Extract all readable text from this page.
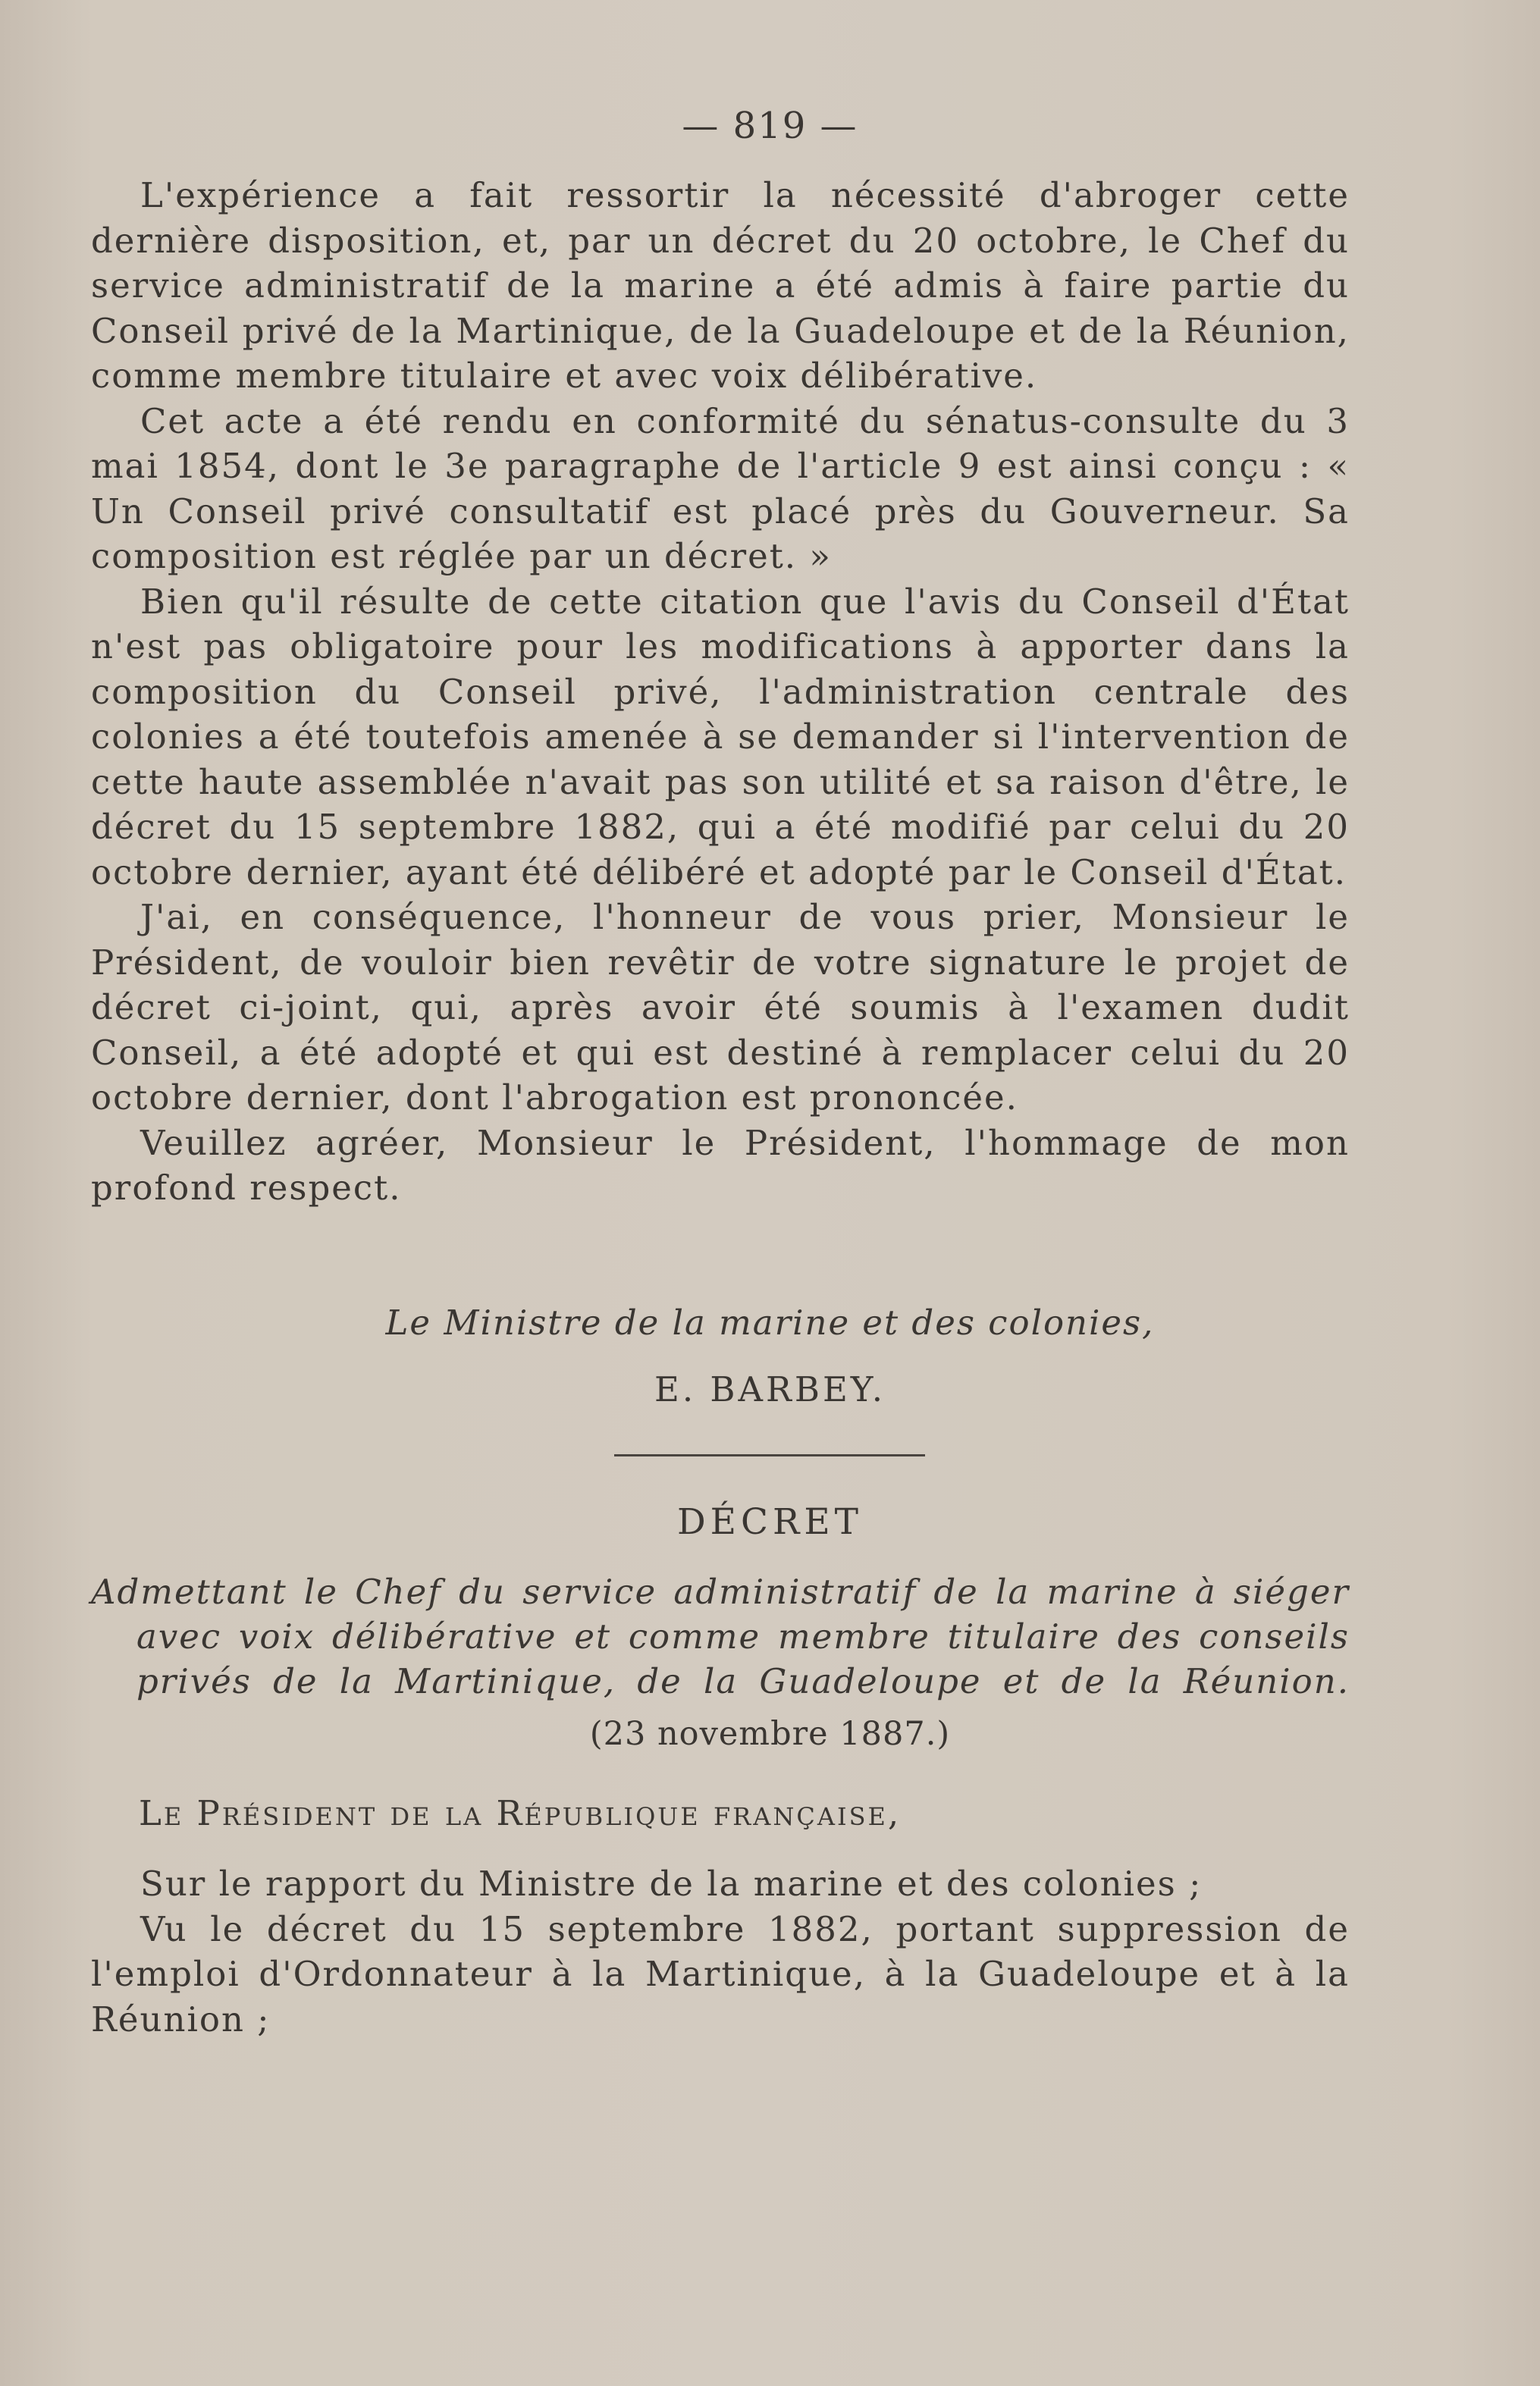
— 819 —

L'expérience a fait ressortir la nécessité d'abroger cette dernière disposition, et, par un décret du 20 octobre, le Chef du service administratif de la marine a été admis à faire partie du Conseil privé de la Martinique, de la Guadeloupe et de la Réunion, comme membre titulaire et avec voix délibérative.

Cet acte a été rendu en conformité du sénatus-consulte du 3 mai 1854, dont le 3e paragraphe de l'article 9 est ainsi conçu : « Un Conseil privé consultatif est placé près du Gouverneur. Sa composition est réglée par un décret. »

Bien qu'il résulte de cette citation que l'avis du Conseil d'État n'est pas obligatoire pour les modifications à apporter dans la composition du Conseil privé, l'administration centrale des colonies a été toutefois amenée à se demander si l'intervention de cette haute assemblée n'avait pas son utilité et sa raison d'être, le décret du 15 septembre 1882, qui a été modifié par celui du 20 octobre dernier, ayant été délibéré et adopté par le Conseil d'État.

J'ai, en conséquence, l'honneur de vous prier, Monsieur le Président, de vouloir bien revêtir de votre signature le projet de décret ci-joint, qui, après avoir été soumis à l'examen dudit Conseil, a été adopté et qui est destiné à remplacer celui du 20 octobre dernier, dont l'abrogation est prononcée.

Veuillez agréer, Monsieur le Président, l'hommage de mon profond respect.

Le Ministre de la marine et des colonies,
E. BARBEY.
DÉCRET
Admettant le Chef du service administratif de la marine à siéger
avec voix délibérative et comme membre titulaire des conseils
privés de la Martinique, de la Guadeloupe et de la Réunion.
(23 novembre 1887.)
Le Président de la République française,

Sur le rapport du Ministre de la marine et des colonies ;

Vu le décret du 15 septembre 1882, portant suppression de l'emploi d'Ordonnateur à la Martinique, à la Guadeloupe et à la Réunion ;
